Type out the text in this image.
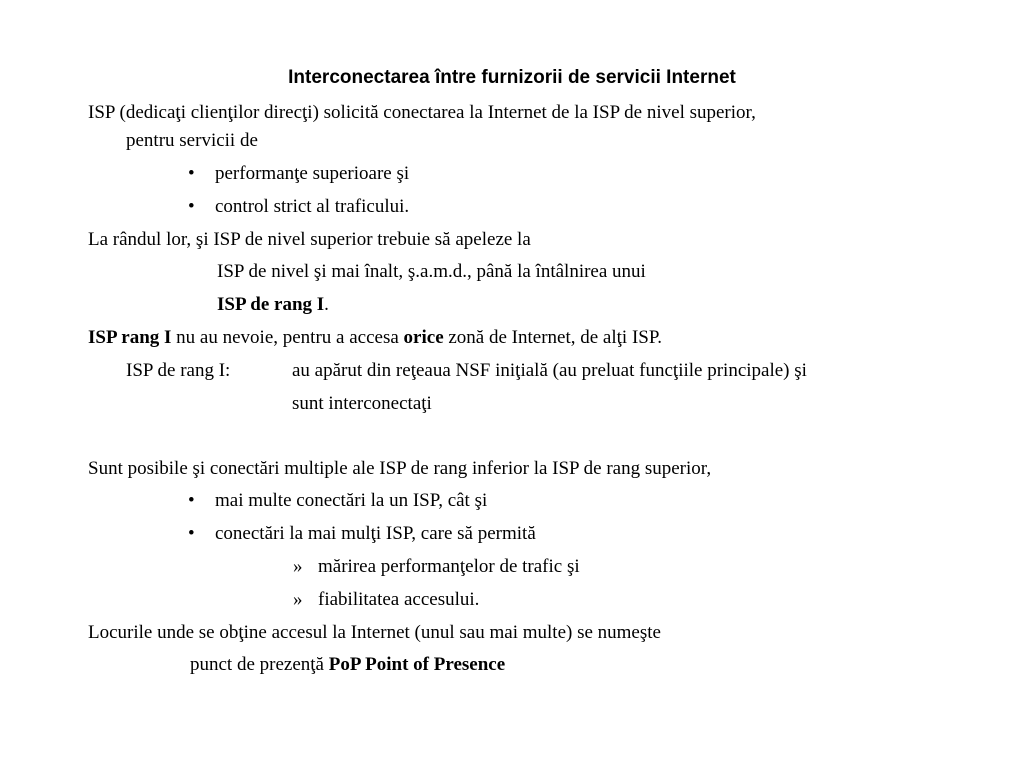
Interconectarea între furnizorii de servicii Internet
ISP (dedicaţi clienţilor direcţi) solicită conectarea la Internet de la ISP de nivel superior,
pentru servicii de
• performanţe superioare şi
• control strict al traficului.
La rândul lor, şi ISP de nivel superior trebuie să apeleze la
ISP de nivel şi mai înalt, ş.a.m.d., până la întâlnirea unui
ISP de rang I.
ISP rang I nu au nevoie, pentru a accesa orice zonă de Internet, de alţi ISP.
ISP de rang I:	au apărut din reţeaua NSF iniţială (au preluat funcţiile principale) şi
sunt interconectaţi
Sunt posibile şi conectări multiple ale ISP de rang inferior la ISP de rang superior,
• mai multe conectări la un ISP, cât şi
• conectări la mai mulţi ISP, care să permită
» mărirea performanţelor de trafic şi
» fiabilitatea accesului.
Locurile unde se obţine accesul la Internet (unul sau mai multe) se numeşte
punct de prezenţă PoP Point of Presence
